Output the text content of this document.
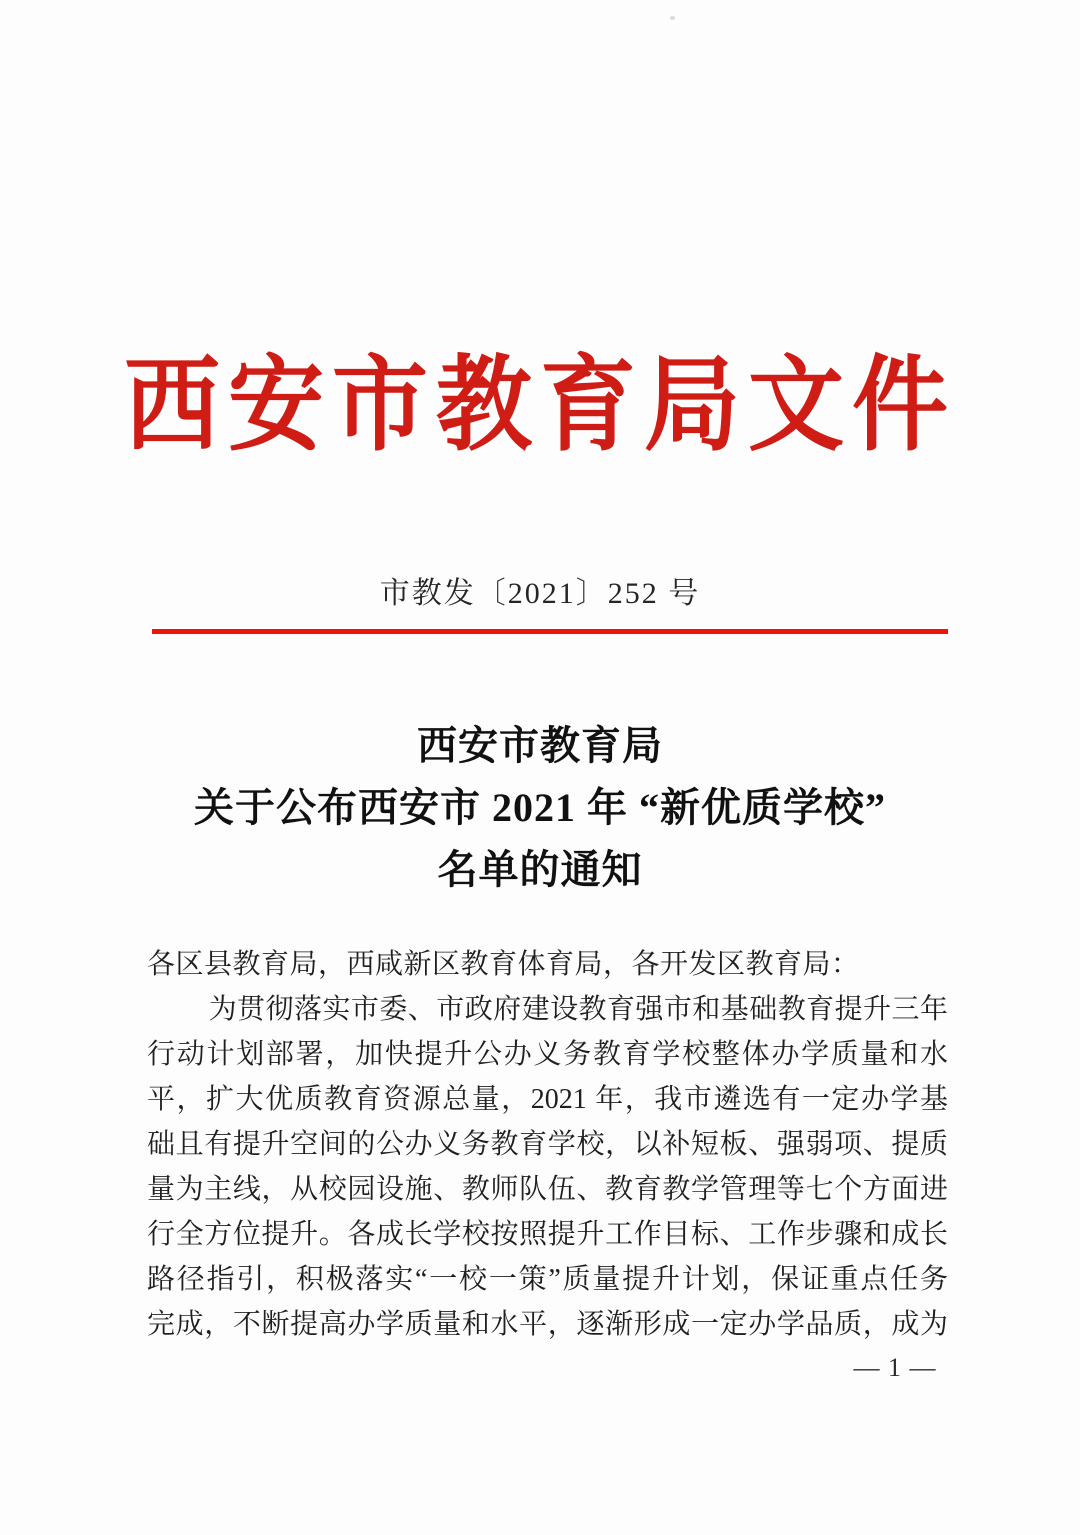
西安市教育局文件
市教发〔2021〕252 号
西安市教育局
关于公布西安市 2021 年 “新优质学校”
名单的通知
各区县教育局，西咸新区教育体育局，各开发区教育局：
为贯彻落实市委、市政府建设教育强市和基础教育提升三年
行动计划部署，加快提升公办义务教育学校整体办学质量和水
平，扩大优质教育资源总量，2021 年，我市遴选有一定办学基
础且有提升空间的公办义务教育学校，以补短板、强弱项、提质
量为主线，从校园设施、教师队伍、教育教学管理等七个方面进
行全方位提升。各成长学校按照提升工作目标、工作步骤和成长
路径指引，积极落实“一校一策”质量提升计划，保证重点任务
完成，不断提高办学质量和水平，逐渐形成一定办学品质，成为
— 1 —
